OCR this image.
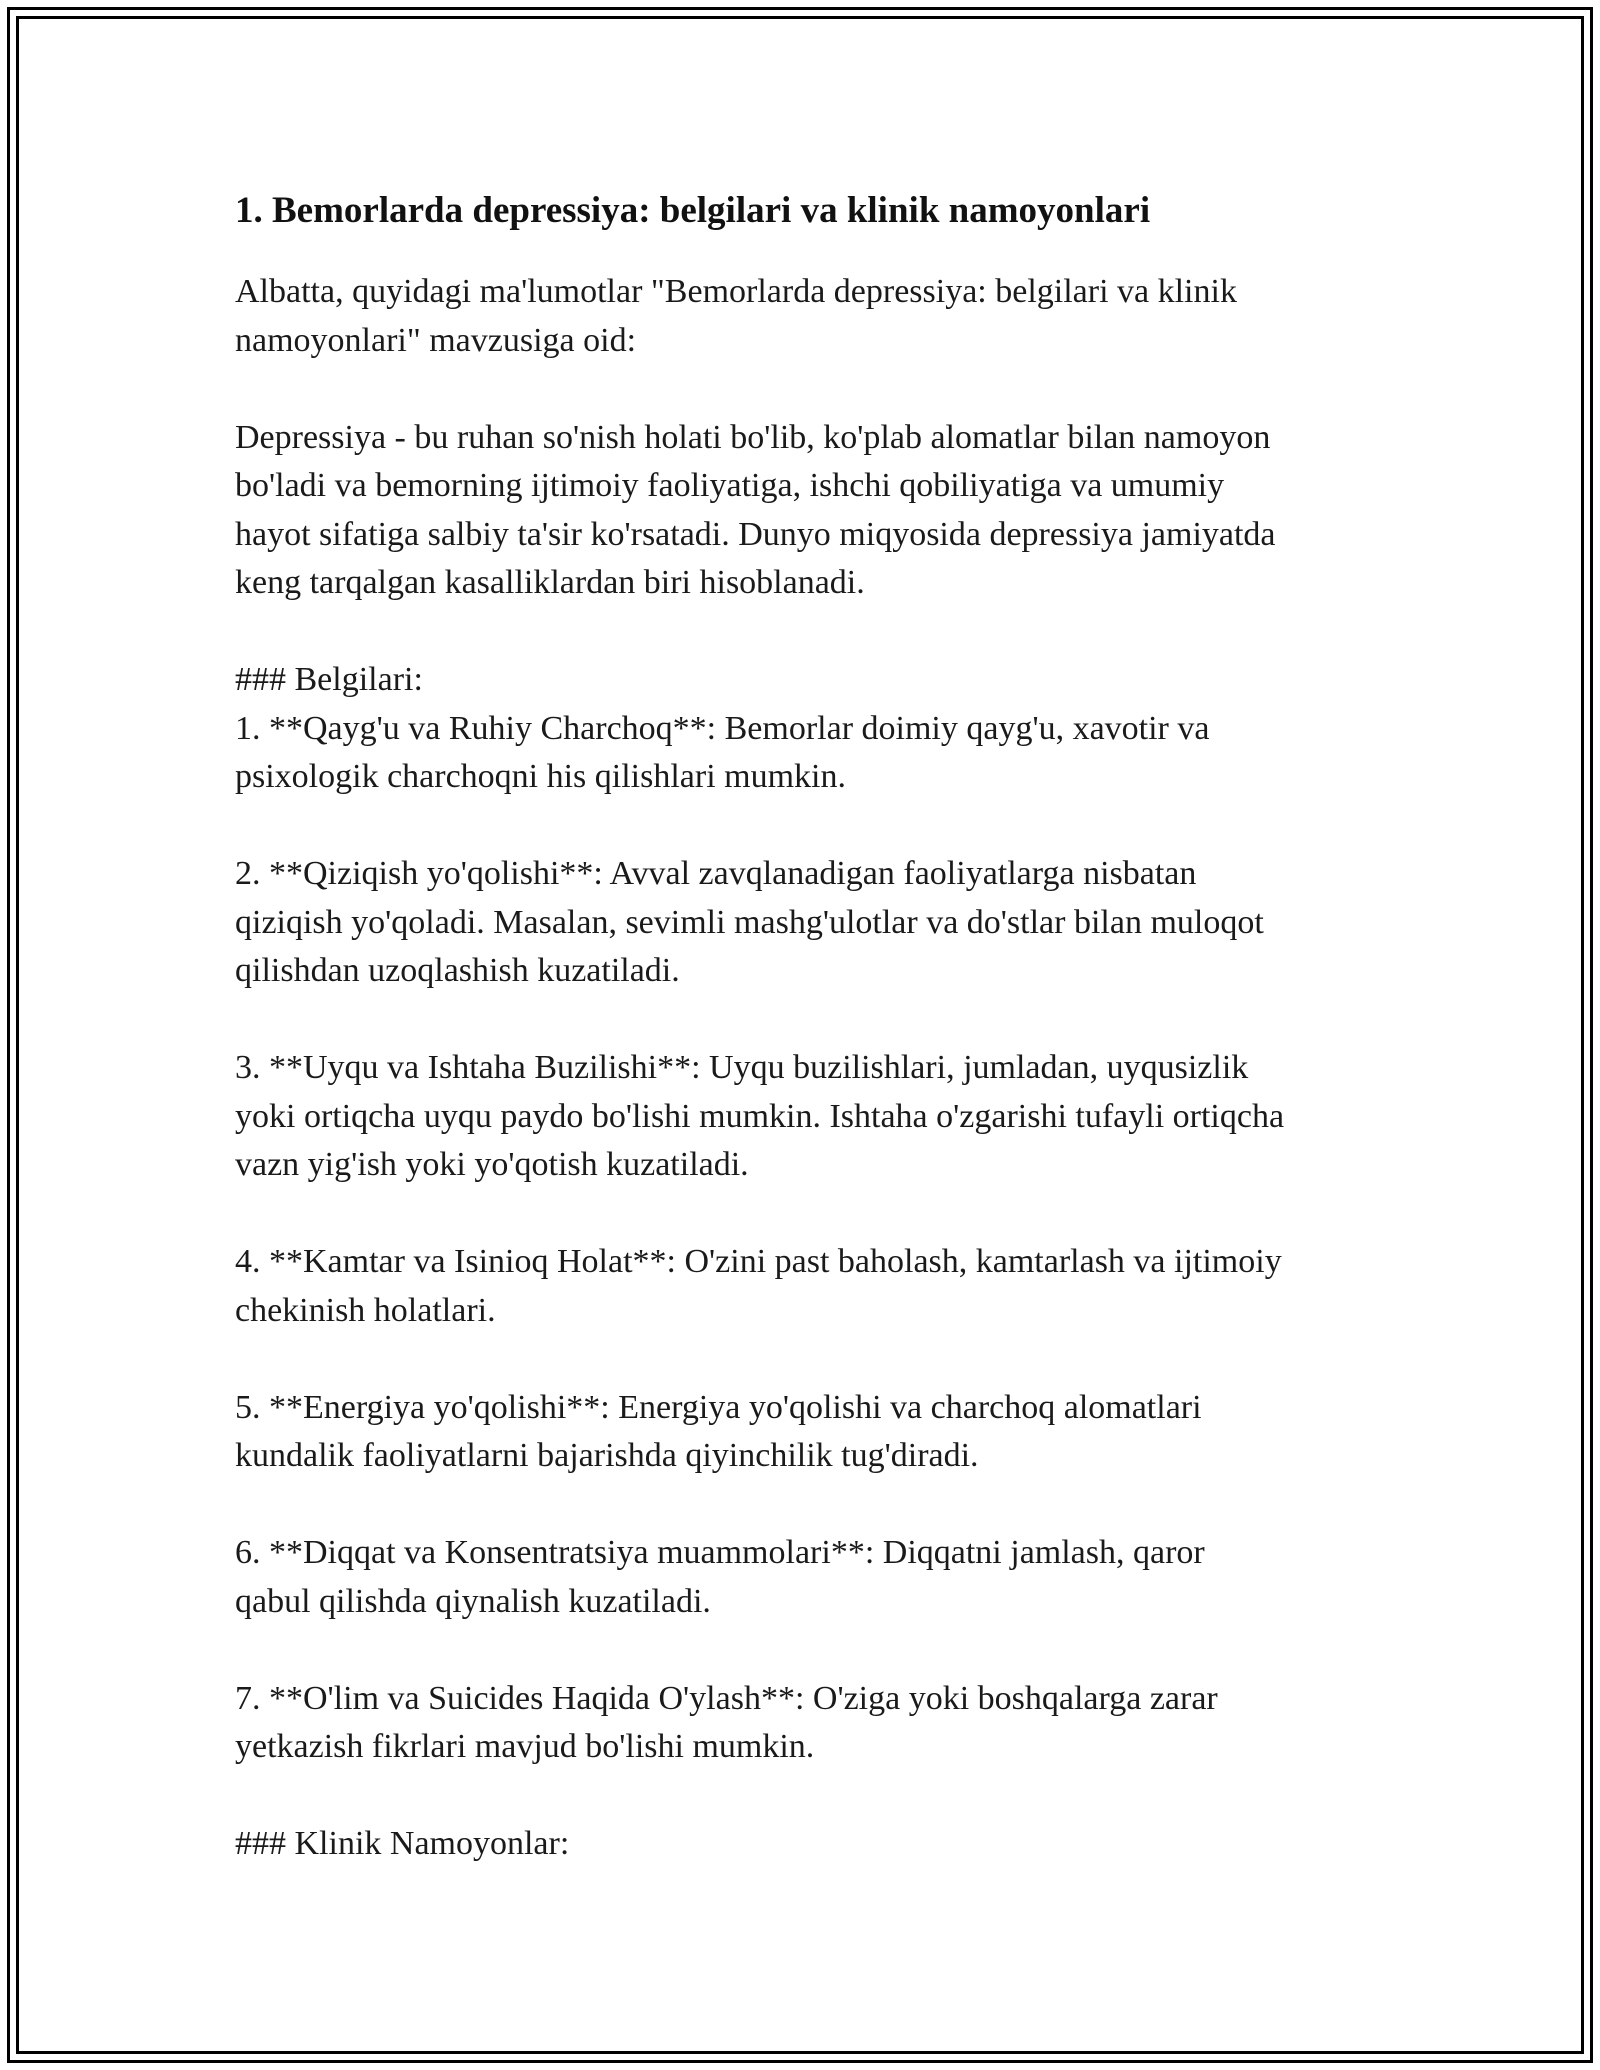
1. Bemorlarda depressiya: belgilari va klinik namoyonlari

Albatta, quyidagi ma'lumotlar "Bemorlarda depressiya: belgilari va klinik
namoyonlari" mavzusiga oid:

Depressiya - bu ruhan so'nish holati bo'lib, ko'plab alomatlar bilan namoyon
bo'ladi va bemorning ijtimoiy faoliyatiga, ishchi qobiliyatiga va umumiy
hayot sifatiga salbiy ta'sir ko'rsatadi. Dunyo miqyosida depressiya jamiyatda
keng tarqalgan kasalliklardan biri hisoblanadi.

### Belgilari:

1. **Qayg'u va Ruhiy Charchoq**: Bemorlar doimiy qayg'u, xavotir va
psixologik charchoqni his qilishlari mumkin.

2. **Qiziqish yo'qolishi**: Avval zavqlanadigan faoliyatlarga nisbatan
qiziqish yo'qoladi. Masalan, sevimli mashg'ulotlar va do'stlar bilan muloqot
qilishdan uzoqlashish kuzatiladi.

3. **Uyqu va Ishtaha Buzilishi**: Uyqu buzilishlari, jumladan, uyqusizlik
yoki ortiqcha uyqu paydo bo'lishi mumkin. Ishtaha o'zgarishi tufayli ortiqcha
vazn yig'ish yoki yo'qotish kuzatiladi.

4. **Kamtar va Isinioq Holat**: O'zini past baholash, kamtarlash va ijtimoiy
chekinish holatlari.

5. **Energiya yo'qolishi**: Energiya yo'qolishi va charchoq alomatlari
kundalik faoliyatlarni bajarishda qiyinchilik tug'diradi.

6. **Diqqat va Konsentratsiya muammolari**: Diqqatni jamlash, qaror
qabul qilishda qiynalish kuzatiladi.

7. **O'lim va Suicides Haqida O'ylash**: O'ziga yoki boshqalarga zarar
yetkazish fikrlari mavjud bo'lishi mumkin.

### Klinik Namoyonlar:
